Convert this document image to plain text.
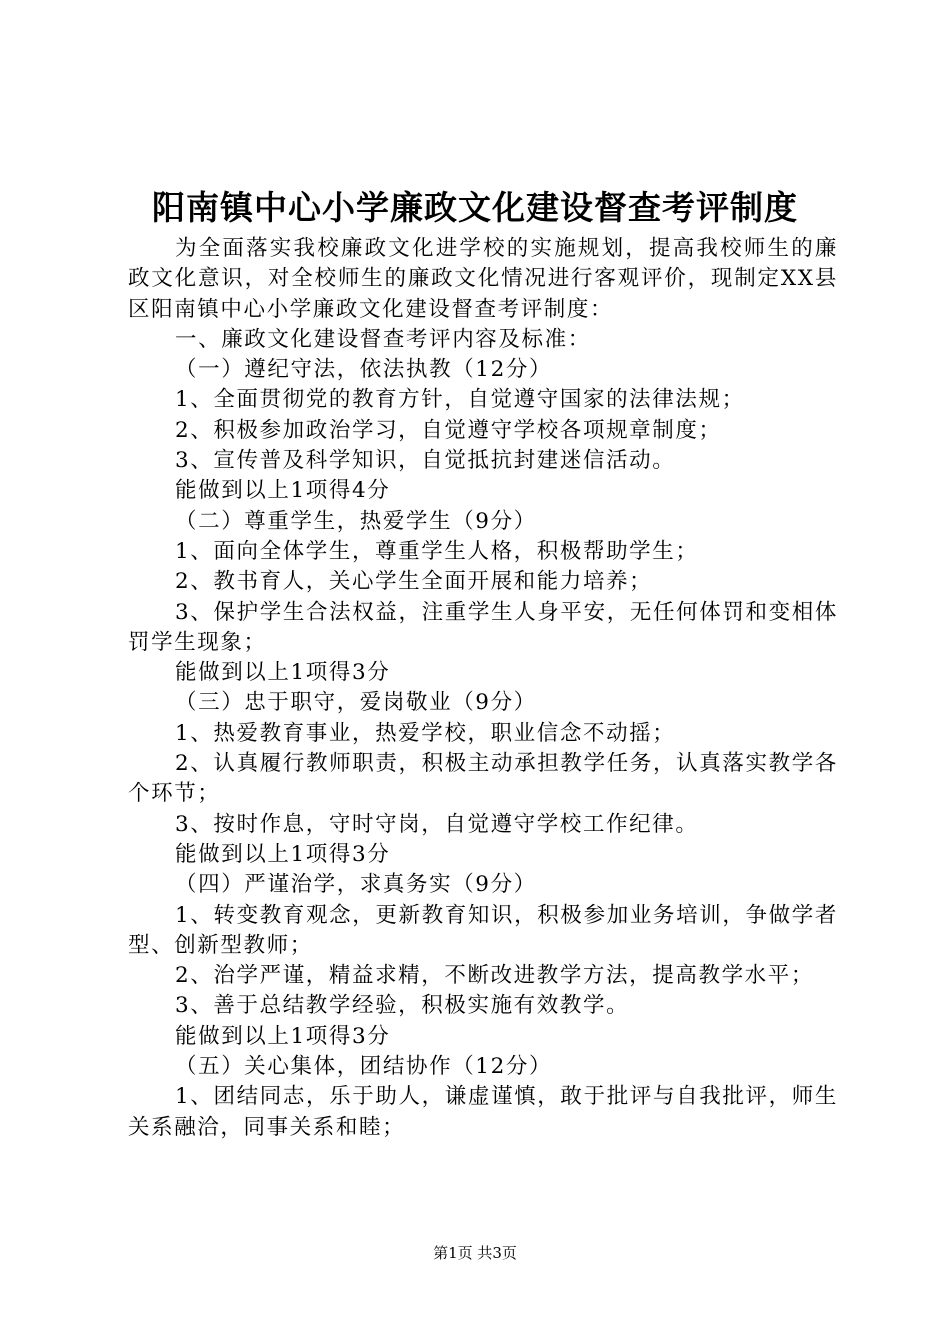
阳南镇中心小学廉政文化建设督查考评制度

为全面落实我校廉政文化进学校的实施规划，提高我校师生的廉政文化意识，对全校师生的廉政文化情况进行客观评价，现制定XX县区阳南镇中心小学廉政文化建设督查考评制度：

一、廉政文化建设督查考评内容及标准：

（一）遵纪守法，依法执教（12分）

1、全面贯彻党的教育方针，自觉遵守国家的法律法规；

2、积极参加政治学习，自觉遵守学校各项规章制度；

3、宣传普及科学知识，自觉抵抗封建迷信活动。

能做到以上1项得4分

（二）尊重学生，热爱学生（9分）

1、面向全体学生，尊重学生人格，积极帮助学生；

2、教书育人，关心学生全面开展和能力培养；

3、保护学生合法权益，注重学生人身平安，无任何体罚和变相体罚学生现象；

能做到以上1项得3分

（三）忠于职守，爱岗敬业（9分）

1、热爱教育事业，热爱学校，职业信念不动摇；

2、认真履行教师职责，积极主动承担教学任务，认真落实教学各个环节；

3、按时作息，守时守岗，自觉遵守学校工作纪律。

能做到以上1项得3分

（四）严谨治学，求真务实（9分）

1、转变教育观念，更新教育知识，积极参加业务培训，争做学者型、创新型教师；

2、治学严谨，精益求精，不断改进教学方法，提高教学水平；

3、善于总结教学经验，积极实施有效教学。

能做到以上1项得3分

（五）关心集体，团结协作（12分）

1、团结同志，乐于助人，谦虚谨慎，敢于批评与自我批评，师生关系融洽，同事关系和睦；

第1页 共3页
